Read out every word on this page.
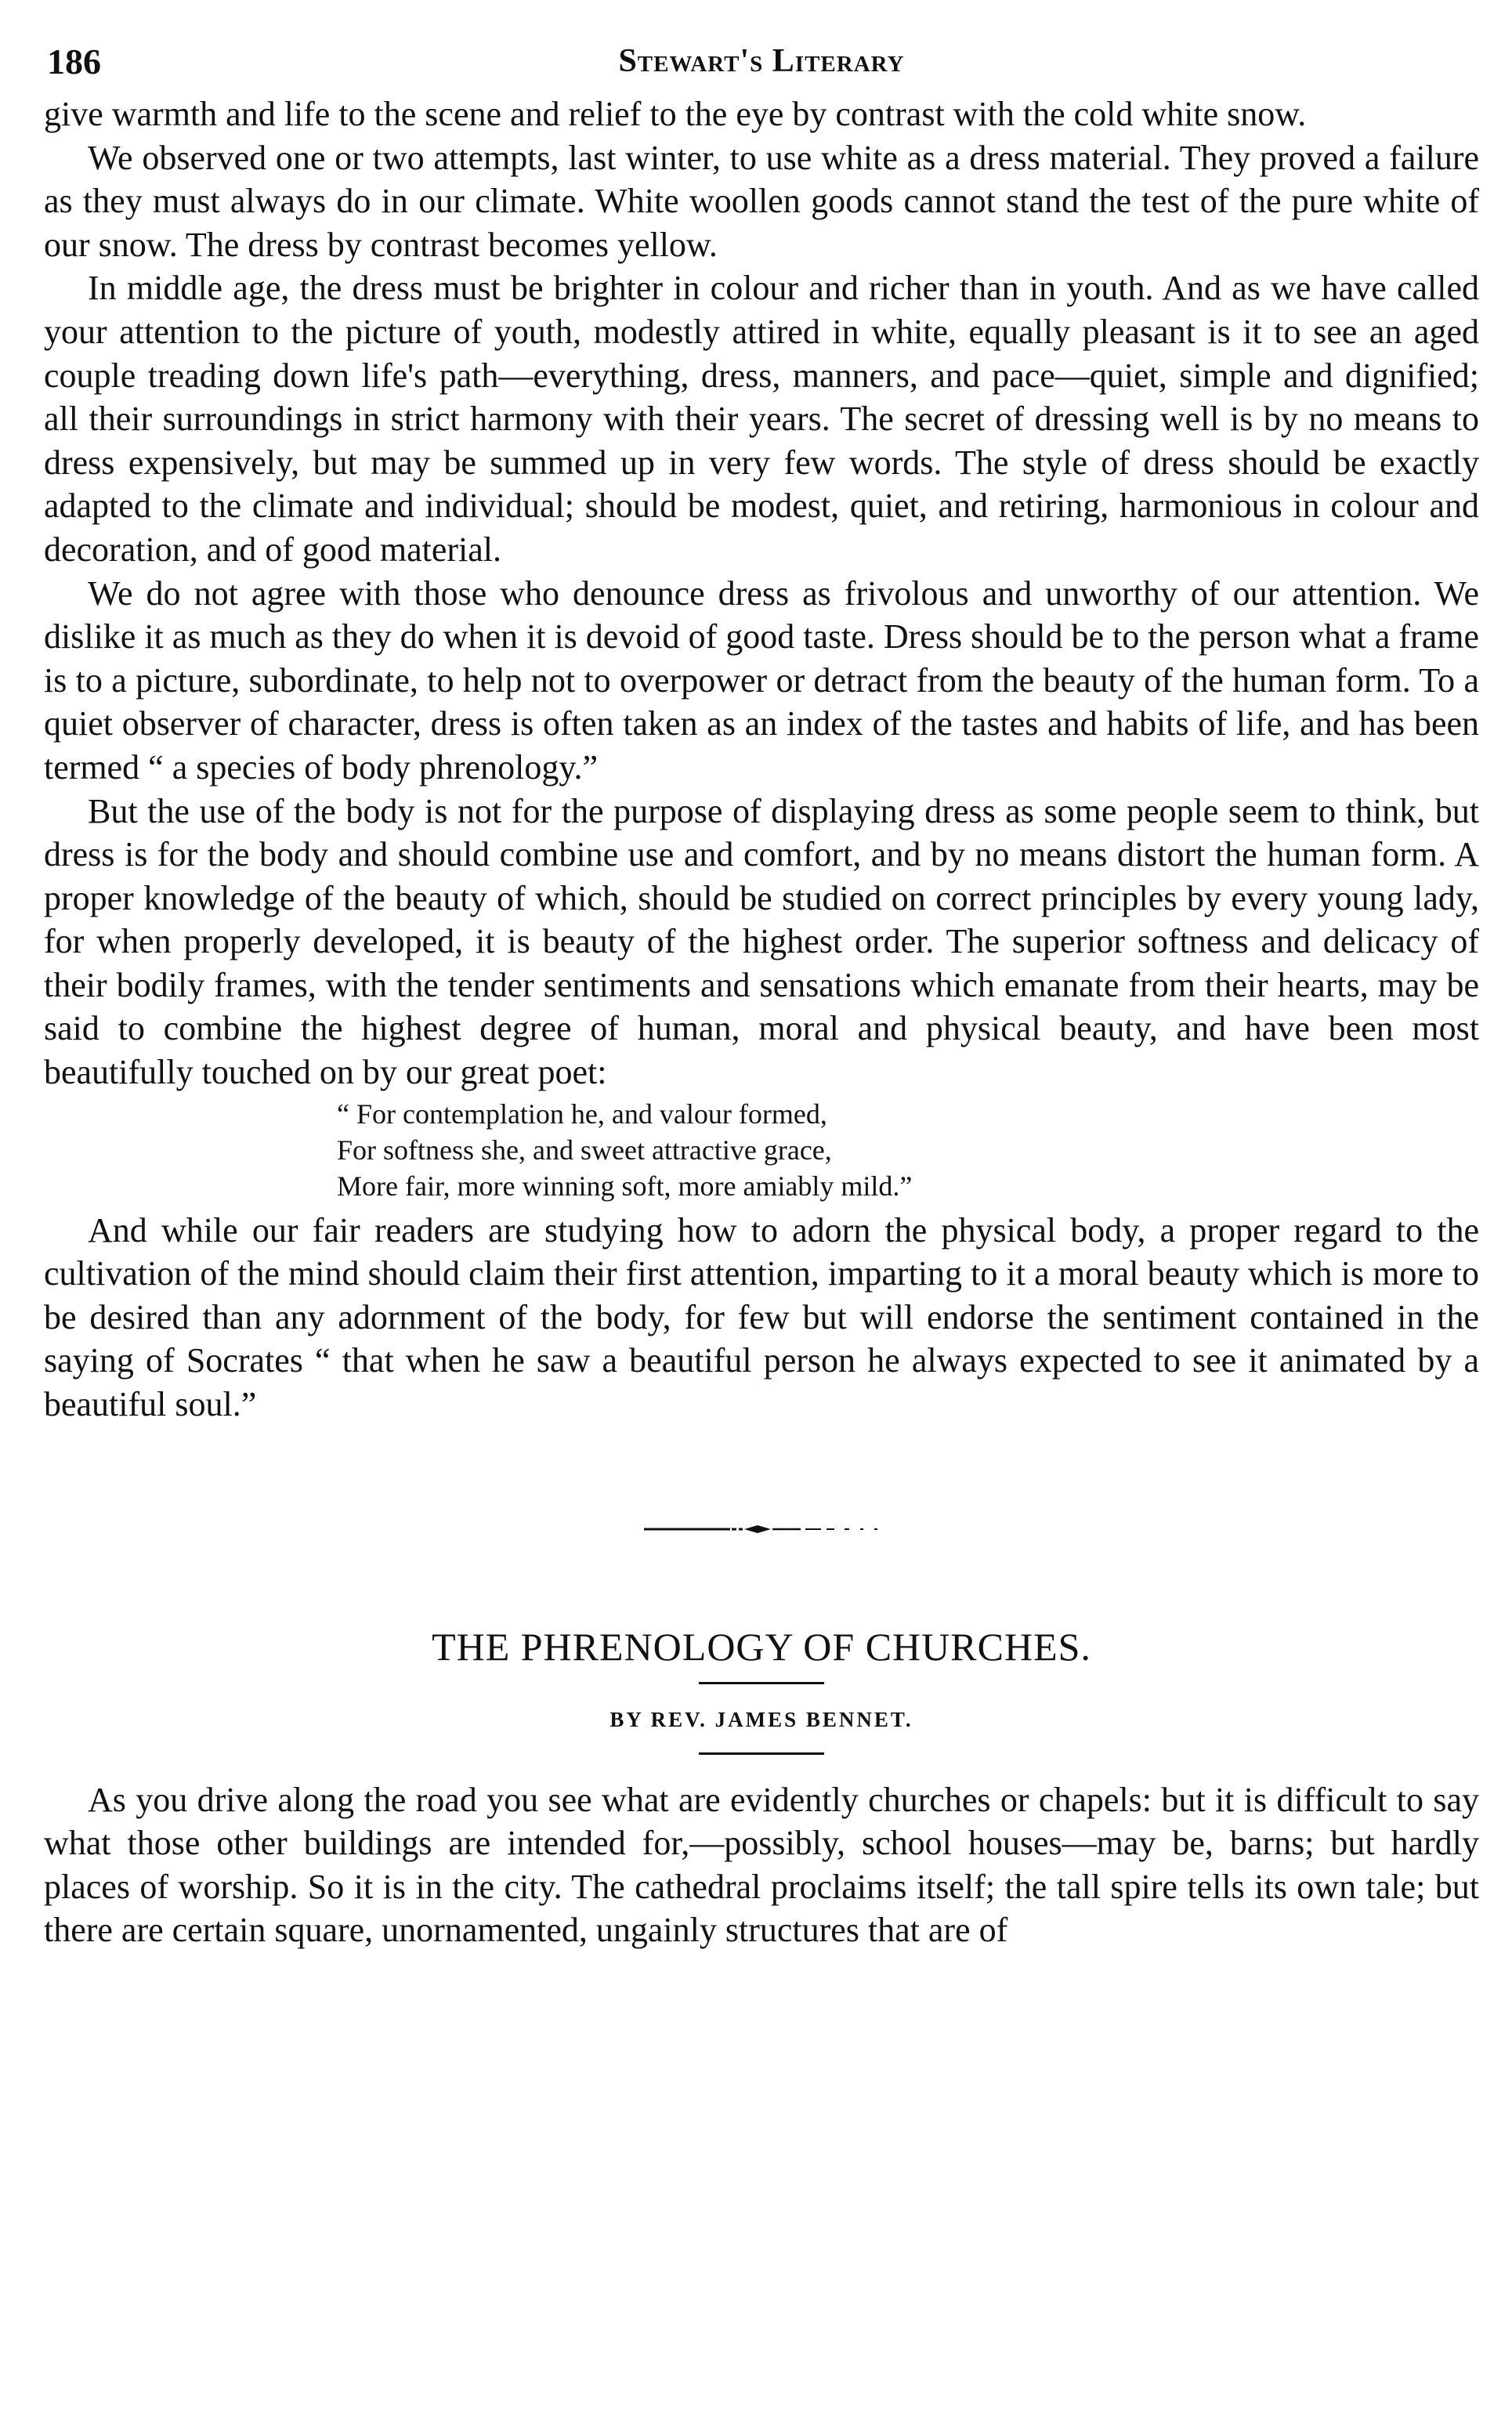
186	Stewart's Literary

give warmth and life to the scene and relief to the eye by contrast with the cold white snow.

We observed one or two attempts, last winter, to use white as a dress material. They proved a failure as they must always do in our climate. White woollen goods cannot stand the test of the pure white of our snow. The dress by contrast becomes yellow.

In middle age, the dress must be brighter in colour and richer than in youth. And as we have called your attention to the picture of youth, modestly attired in white, equally pleasant is it to see an aged couple treading down life's path—everything, dress, manners, and pace—quiet, simple and dignified; all their surroundings in strict harmony with their years. The secret of dressing well is by no means to dress expensively, but may be summed up in very few words. The style of dress should be exactly adapted to the climate and individual; should be modest, quiet, and retiring, harmonious in colour and decoration, and of good material.

We do not agree with those who denounce dress as frivolous and unworthy of our attention. We dislike it as much as they do when it is devoid of good taste. Dress should be to the person what a frame is to a picture, subordinate, to help not to overpower or detract from the beauty of the human form. To a quiet observer of character, dress is often taken as an index of the tastes and habits of life, and has been termed “ a species of body phrenology.”

But the use of the body is not for the purpose of displaying dress as some people seem to think, but dress is for the body and should combine use and comfort, and by no means distort the human form. A proper knowledge of the beauty of which, should be studied on correct principles by every young lady, for when properly developed, it is beauty of the highest order. The superior softness and delicacy of their bodily frames, with the tender sentiments and sensations which emanate from their hearts, may be said to combine the highest degree of human, moral and physical beauty, and have been most beautifully touched on by our great poet:

“ For contemplation he, and valour formed,
For softness she, and sweet attractive grace,
More fair, more winning soft, more amiably mild.”

And while our fair readers are studying how to adorn the physical body, a proper regard to the cultivation of the mind should claim their first attention, imparting to it a moral beauty which is more to be desired than any adornment of the body, for few but will endorse the sentiment contained in the saying of Socrates “ that when he saw a beautiful person he always expected to see it animated by a beautiful soul.”

THE PHRENOLOGY OF CHURCHES.
BY REV. JAMES BENNET.

As you drive along the road you see what are evidently churches or chapels: but it is difficult to say what those other buildings are intended for,—possibly, school houses—may be, barns; but hardly places of worship. So it is in the city. The cathedral proclaims itself; the tall spire tells its own tale; but there are certain square, unornamented, ungainly structures that are of
